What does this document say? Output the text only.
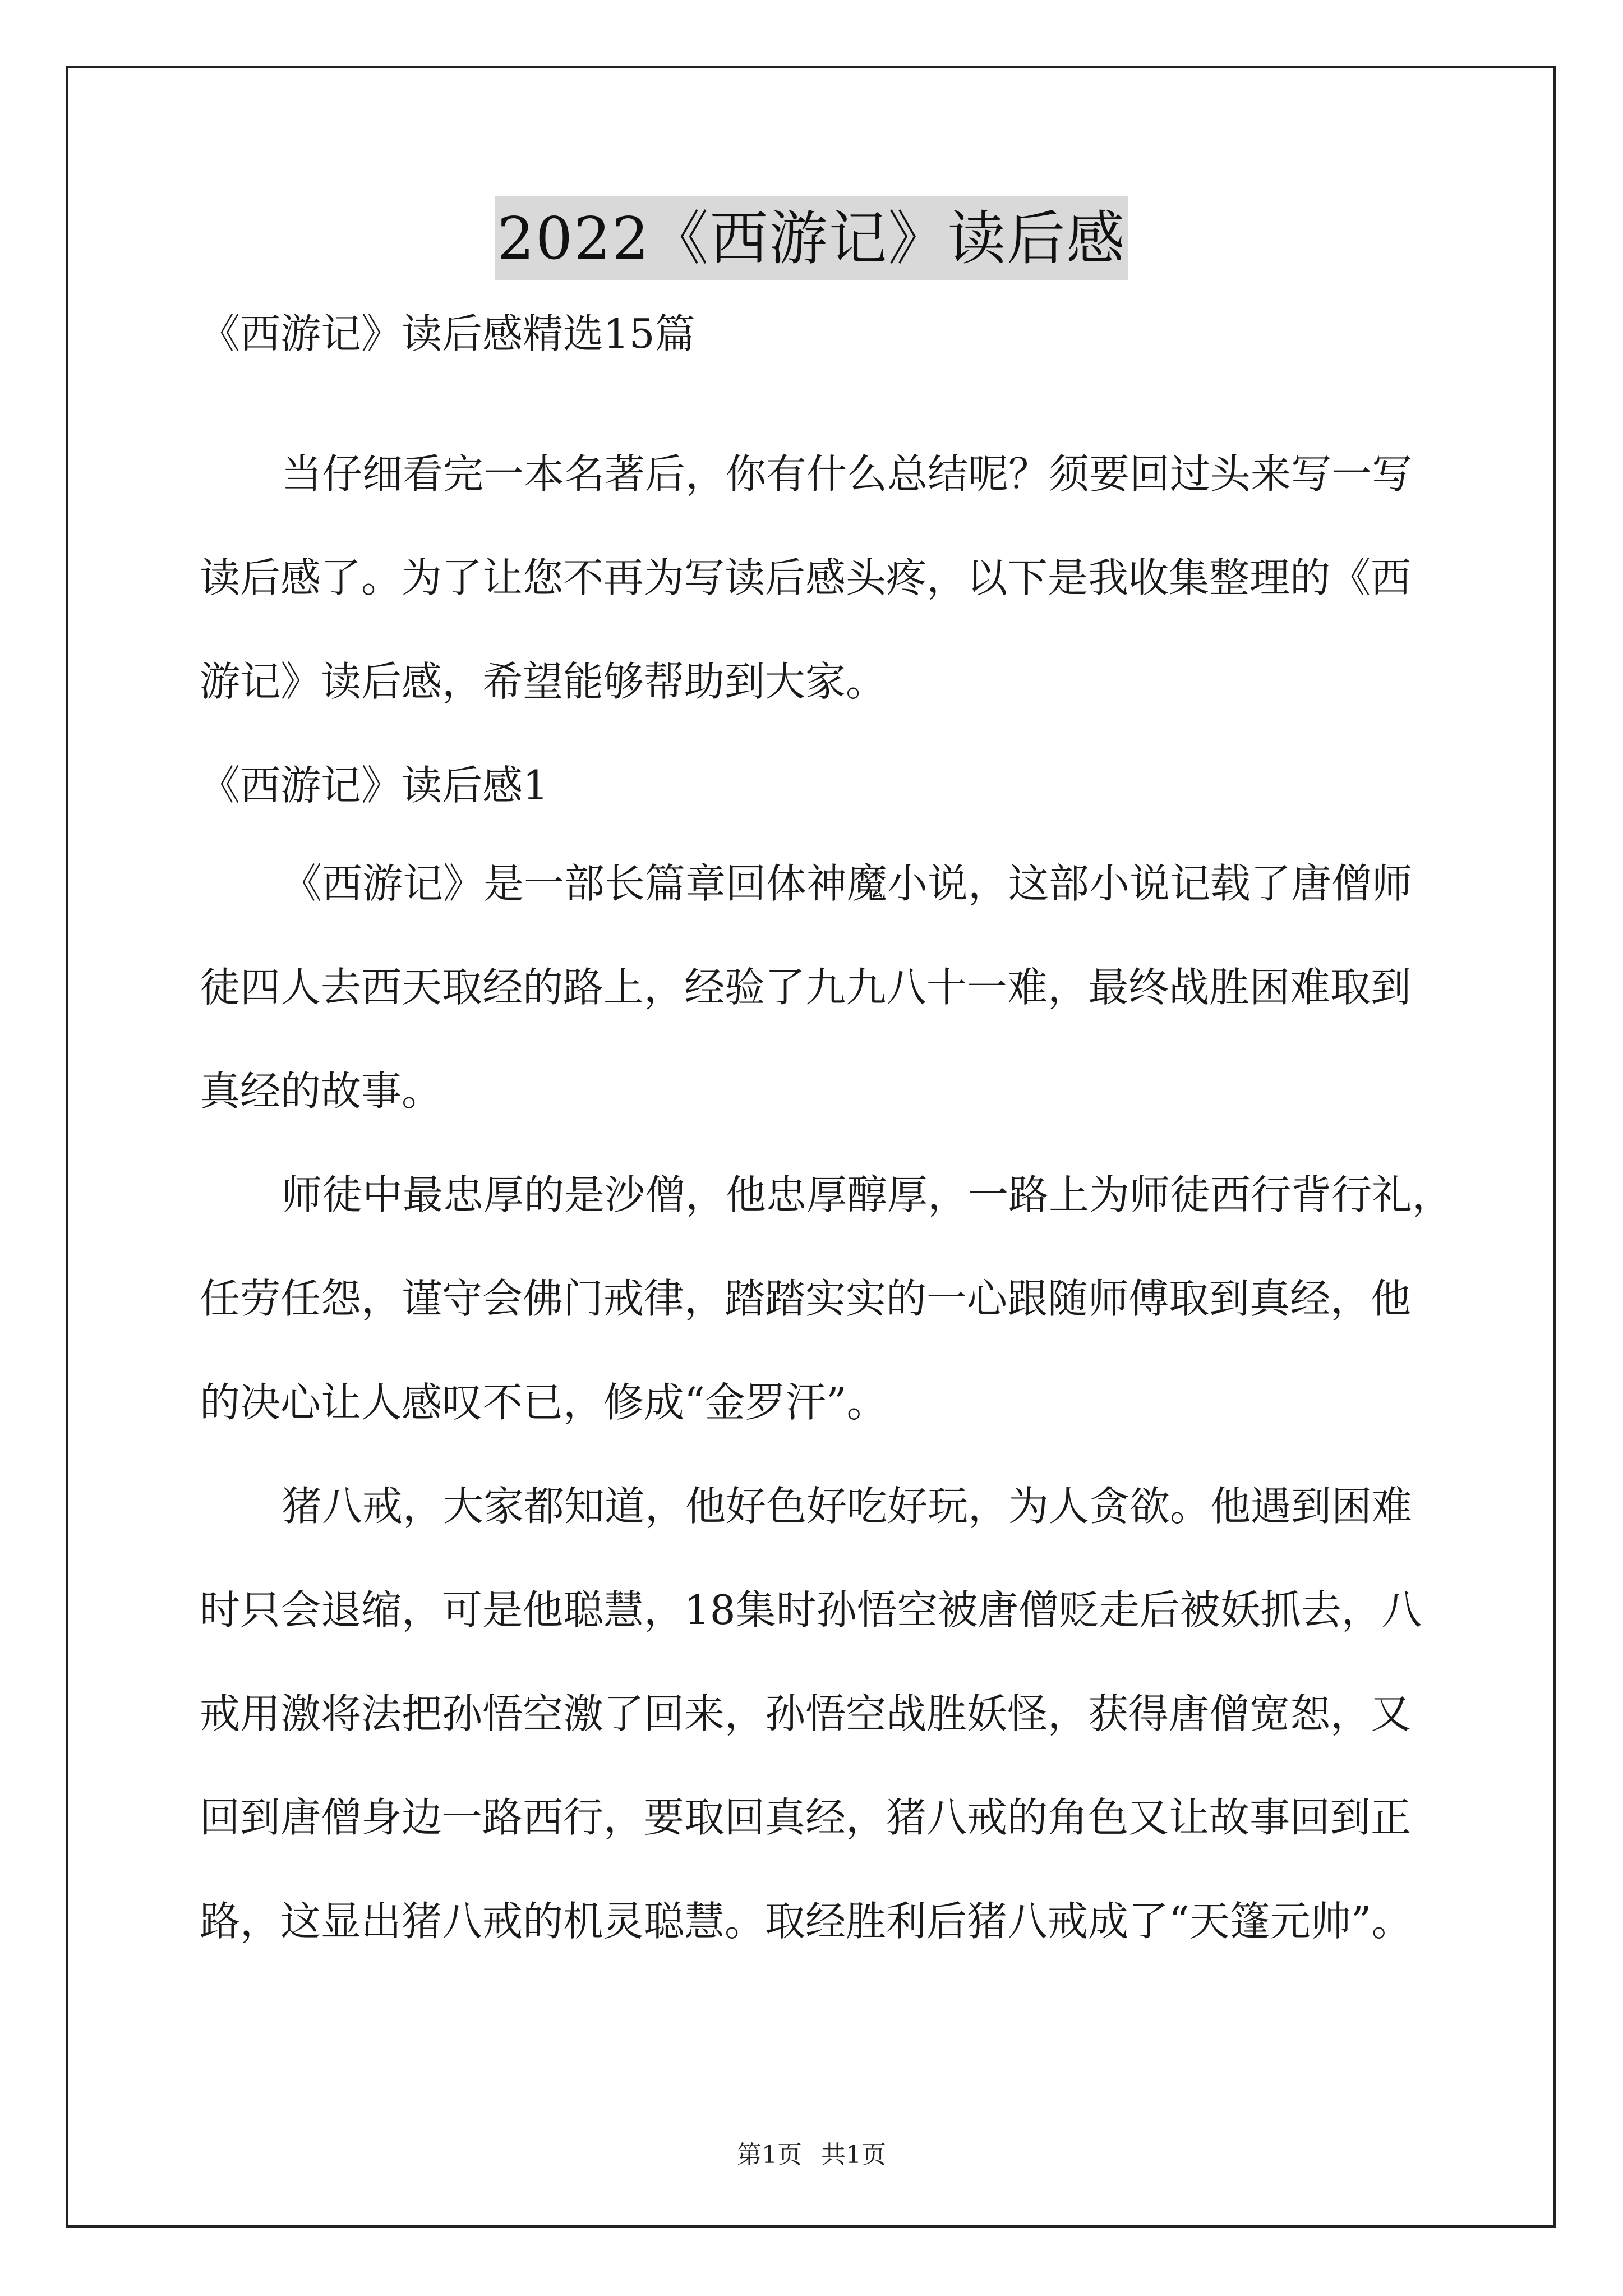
2022《西游记》读后感
《西游记》读后感精选15篇
当仔细看完一本名著后，你有什么总结呢？须要回过头来写一写
读后感了。为了让您不再为写读后感头疼，以下是我收集整理的《西
游记》读后感，希望能够帮助到大家。
《西游记》读后感1
《西游记》是一部长篇章回体神魔小说，这部小说记载了唐僧师
徒四人去西天取经的路上，经验了九九八十一难，最终战胜困难取到
真经的故事。
师徒中最忠厚的是沙僧，他忠厚醇厚，一路上为师徒西行背行礼，
任劳任怨，谨守会佛门戒律，踏踏实实的一心跟随师傅取到真经，他
的决心让人感叹不已，修成“金罗汗”。
猪八戒，大家都知道，他好色好吃好玩，为人贪欲。他遇到困难
时只会退缩，可是他聪慧，18集时孙悟空被唐僧贬走后被妖抓去，八
戒用激将法把孙悟空激了回来，孙悟空战胜妖怪，获得唐僧宽恕，又
回到唐僧身边一路西行，要取回真经，猪八戒的角色又让故事回到正
路，这显出猪八戒的机灵聪慧。取经胜利后猪八戒成了“天篷元帅”。
第1页 共1页
